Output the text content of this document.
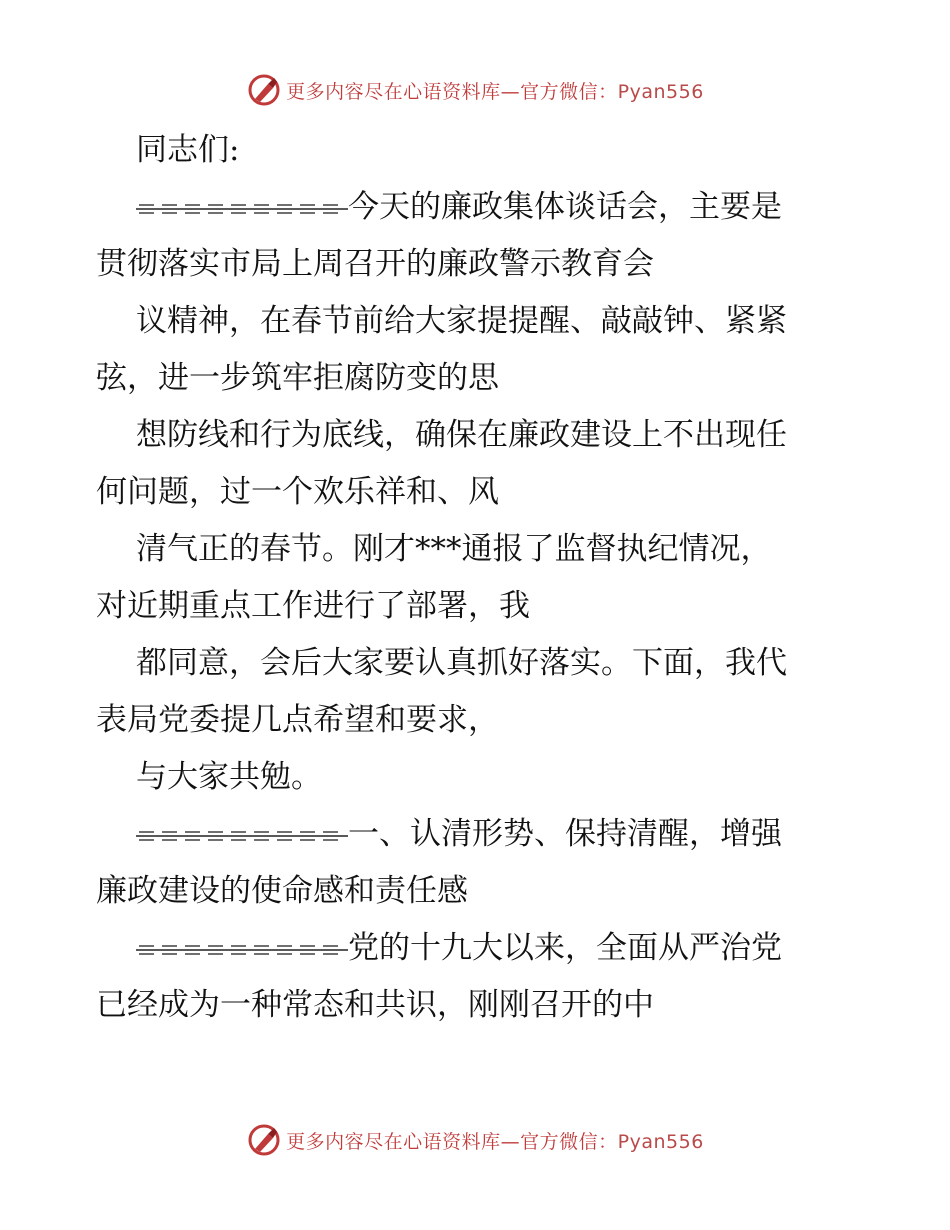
更多内容尽在心语资料库—官方微信：Pyan556
同志们:
今天的廉政集体谈话会，主要是
贯彻落实市局上周召开的廉政警示教育会
议精神，在春节前给大家提提醒、敲敲钟、紧紧
弦，进一步筑牢拒腐防变的思
想防线和行为底线，确保在廉政建设上不出现任
何问题，过一个欢乐祥和、风
清气正的春节。刚才***通报了监督执纪情况，
对近期重点工作进行了部署，我
都同意，会后大家要认真抓好落实。下面，我代
表局党委提几点希望和要求，
与大家共勉。
一、认清形势、保持清醒，增强
廉政建设的使命感和责任感
党的十九大以来，全面从严治党
已经成为一种常态和共识，刚刚召开的中
更多内容尽在心语资料库—官方微信：Pyan556
